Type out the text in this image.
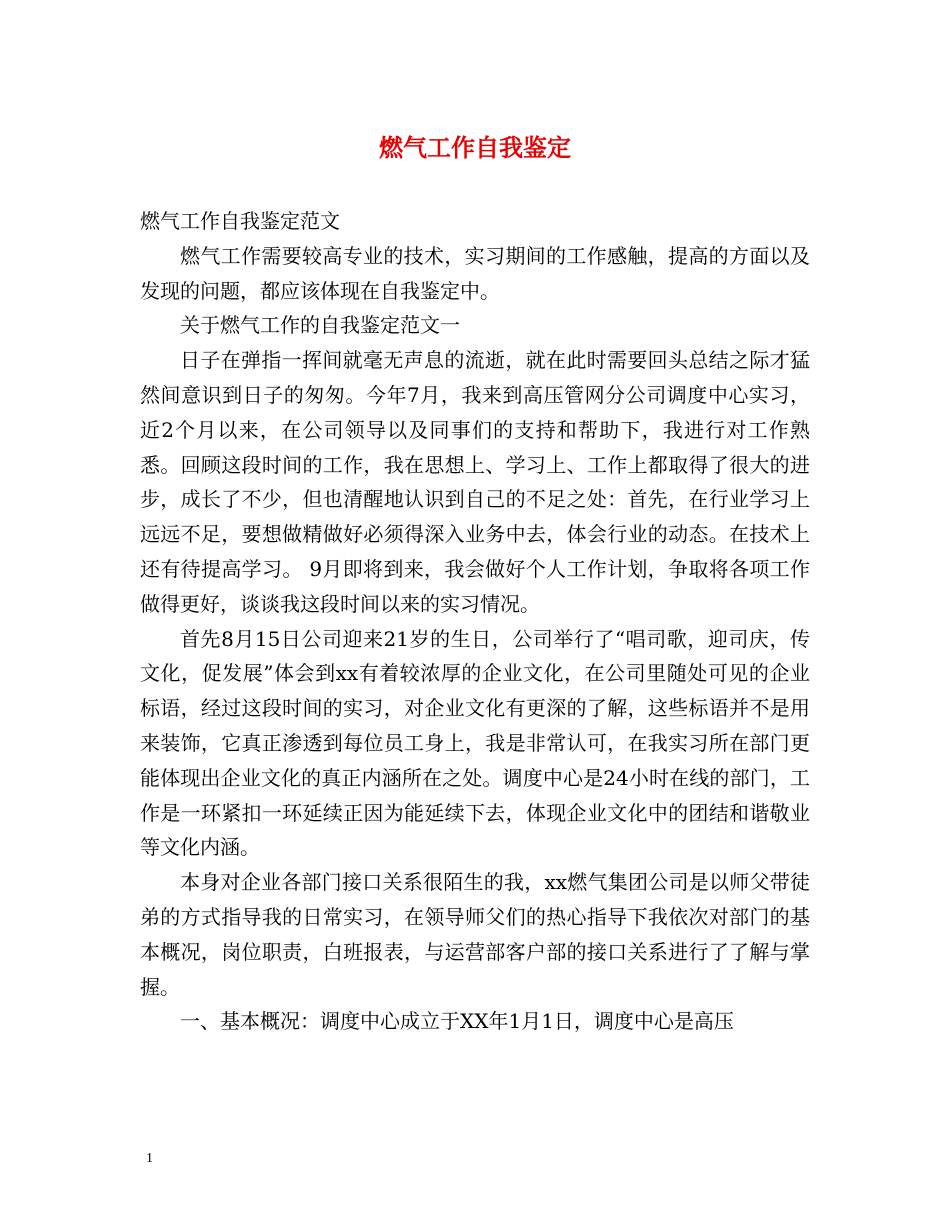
燃气工作自我鉴定

燃气工作自我鉴定范文

燃气工作需要较高专业的技术，实习期间的工作感触，提高的方面以及发现的问题，都应该体现在自我鉴定中。

关于燃气工作的自我鉴定范文一

日子在弹指一挥间就毫无声息的流逝，就在此时需要回头总结之际才猛然间意识到日子的匆匆。今年7月，我来到高压管网分公司调度中心实习，近2个月以来，在公司领导以及同事们的支持和帮助下，我进行对工作熟悉。回顾这段时间的工作，我在思想上、学习上、工作上都取得了很大的进步，成长了不少，但也清醒地认识到自己的不足之处：首先，在行业学习上远远不足，要想做精做好必须得深入业务中去，体会行业的动态。在技术上还有待提高学习。 9月即将到来，我会做好个人工作计划，争取将各项工作做得更好，谈谈我这段时间以来的实习情况。

首先8月15日公司迎来21岁的生日，公司举行了“唱司歌，迎司庆，传文化，促发展”体会到xx有着较浓厚的企业文化，在公司里随处可见的企业标语，经过这段时间的实习，对企业文化有更深的了解，这些标语并不是用来装饰，它真正渗透到每位员工身上，我是非常认可，在我实习所在部门更能体现出企业文化的真正内涵所在之处。调度中心是24小时在线的部门，工作是一环紧扣一环延续正因为能延续下去，体现企业文化中的团结和谐敬业等文化内涵。

本身对企业各部门接口关系很陌生的我，xx燃气集团公司是以师父带徒弟的方式指导我的日常实习，在领导师父们的热心指导下我依次对部门的基本概况，岗位职责，白班报表，与运营部客户部的接口关系进行了了解与掌握。

一、基本概况：调度中心成立于XX年1月1日，调度中心是高压

1
